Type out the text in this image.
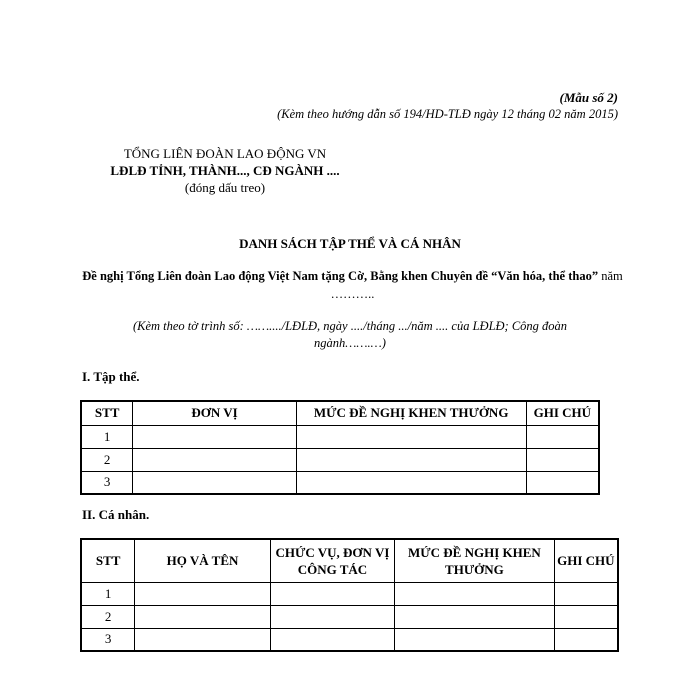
(Mẫu số 2)
(Kèm theo hướng dẫn số 194/HD-TLĐ ngày 12 tháng 02 năm 2015)
TỔNG LIÊN ĐOÀN LAO ĐỘNG VN
LĐLĐ TỈNH, THÀNH..., CĐ NGÀNH ....
(đóng dấu treo)
DANH SÁCH TẬP THỂ VÀ CÁ NHÂN
Đề nghị Tổng Liên đoàn Lao động Việt Nam tặng Cờ, Bằng khen Chuyên đề “Văn hóa, thể thao” năm ………..
(Kèm theo tờ trình số: ……..../LĐLĐ, ngày ..../tháng .../năm .... của LĐLĐ; Công đoàn ngành…….…)
I. Tập thể.
STT	ĐƠN VỊ	MỨC ĐỀ NGHỊ KHEN THƯỞNG	GHI CHÚ
1			
2			
3			
II. Cá nhân.
STT	HỌ VÀ TÊN	CHỨC VỤ, ĐƠN VỊ CÔNG TÁC	MỨC ĐỀ NGHỊ KHEN THƯỞNG	GHI CHÚ
1				
2				
3				
